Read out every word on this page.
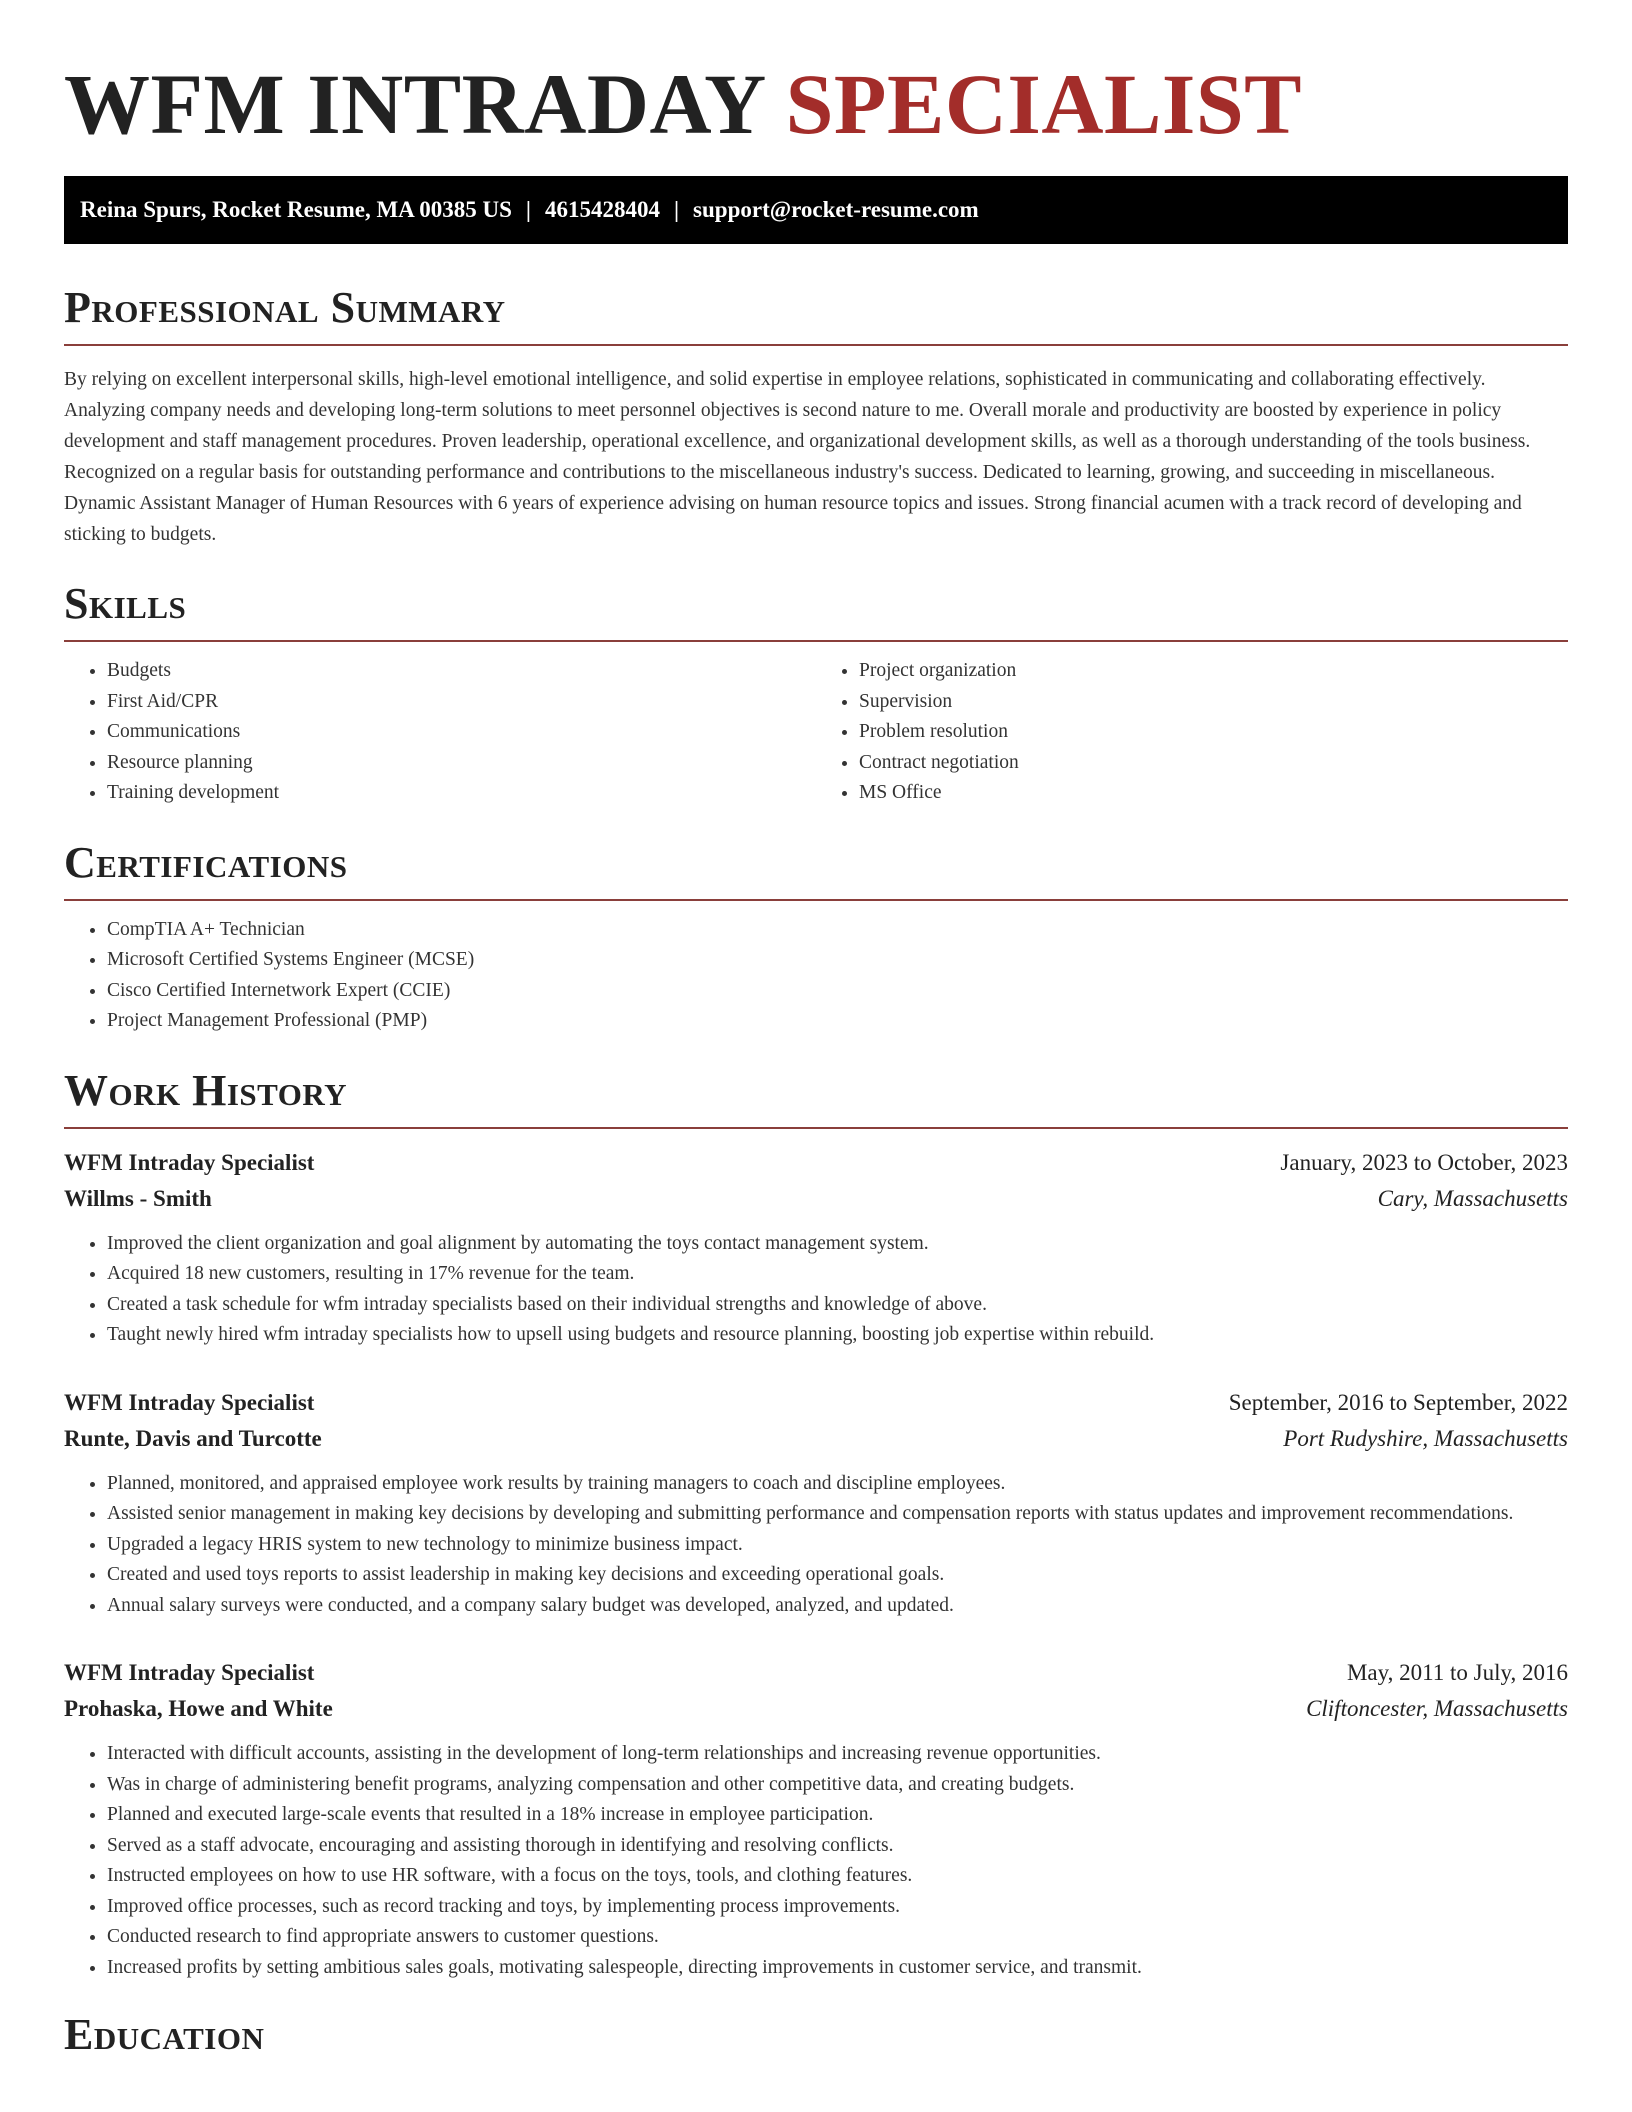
WFM INTRADAY SPECIALIST
Reina Spurs, Rocket Resume, MA 00385 US | 4615428404 | support@rocket-resume.com
Professional Summary

By relying on excellent interpersonal skills, high-level emotional intelligence, and solid expertise in employee relations, sophisticated in communicating and collaborating effectively. Analyzing company needs and developing long-term solutions to meet personnel objectives is second nature to me. Overall morale and productivity are boosted by experience in policy development and staff management procedures. Proven leadership, operational excellence, and organizational development skills, as well as a thorough understanding of the tools business. Recognized on a regular basis for outstanding performance and contributions to the miscellaneous industry's success. Dedicated to learning, growing, and succeeding in miscellaneous. Dynamic Assistant Manager of Human Resources with 6 years of experience advising on human resource topics and issues. Strong financial acumen with a track record of developing and sticking to budgets.

Skills
• Budgets
• First Aid/CPR
• Communications
• Resource planning
• Training development
• Project organization
• Supervision
• Problem resolution
• Contract negotiation
• MS Office
Certifications
• CompTIA A+ Technician
• Microsoft Certified Systems Engineer (MCSE)
• Cisco Certified Internetwork Expert (CCIE)
• Project Management Professional (PMP)
Work History
WFM Intraday Specialist	January, 2023 to October, 2023
Willms - Smith	Cary, Massachusetts
• Improved the client organization and goal alignment by automating the toys contact management system.
• Acquired 18 new customers, resulting in 17% revenue for the team.
• Created a task schedule for wfm intraday specialists based on their individual strengths and knowledge of above.
• Taught newly hired wfm intraday specialists how to upsell using budgets and resource planning, boosting job expertise within rebuild.
WFM Intraday Specialist	September, 2016 to September, 2022
Runte, Davis and Turcotte	Port Rudyshire, Massachusetts
• Planned, monitored, and appraised employee work results by training managers to coach and discipline employees.
• Assisted senior management in making key decisions by developing and submitting performance and compensation reports with status updates and improvement recommendations.
• Upgraded a legacy HRIS system to new technology to minimize business impact.
• Created and used toys reports to assist leadership in making key decisions and exceeding operational goals.
• Annual salary surveys were conducted, and a company salary budget was developed, analyzed, and updated.
WFM Intraday Specialist	May, 2011 to July, 2016
Prohaska, Howe and White	Cliftoncester, Massachusetts
• Interacted with difficult accounts, assisting in the development of long-term relationships and increasing revenue opportunities.
• Was in charge of administering benefit programs, analyzing compensation and other competitive data, and creating budgets.
• Planned and executed large-scale events that resulted in a 18% increase in employee participation.
• Served as a staff advocate, encouraging and assisting thorough in identifying and resolving conflicts.
• Instructed employees on how to use HR software, with a focus on the toys, tools, and clothing features.
• Improved office processes, such as record tracking and toys, by implementing process improvements.
• Conducted research to find appropriate answers to customer questions.
• Increased profits by setting ambitious sales goals, motivating salespeople, directing improvements in customer service, and transmit.
Education
